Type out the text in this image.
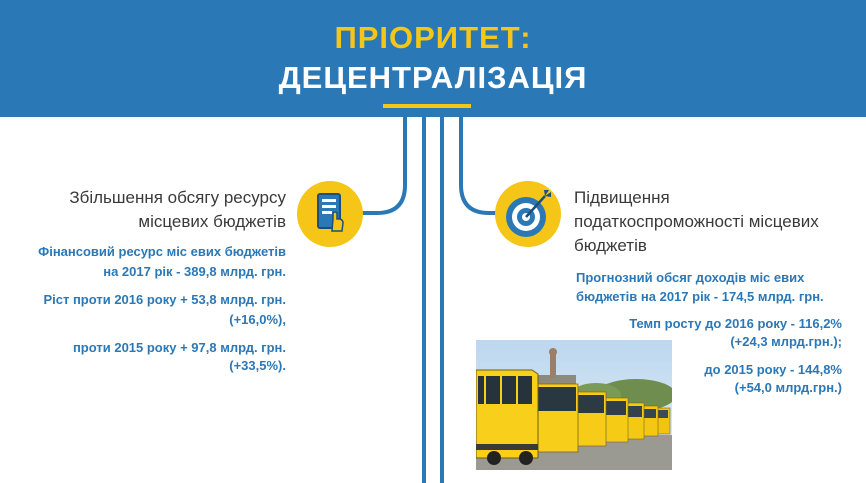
ПРІОРИТЕТ:
ДЕЦЕНТРАЛІЗАЦІЯ
Збільшення обсягу ресурсу місцевих бюджетів
Фінансовий ресурс міс евих бюджетів
на 2017 рік - 389,8 млрд. грн.
Ріст проти 2016 року + 53,8 млрд. грн.
(+16,0%),
проти 2015 року + 97,8 млрд. грн.
(+33,5%).
Підвищення податкоспроможності місцевих бюджетів
Прогнозний обсяг доходів міс евих
бюджетів на 2017 рік - 174,5 млрд. грн.
Темп росту до 2016 року - 116,2%
(+24,3 млрд.грн.);
до 2015 року - 144,8%
(+54,0 млрд.грн.)
